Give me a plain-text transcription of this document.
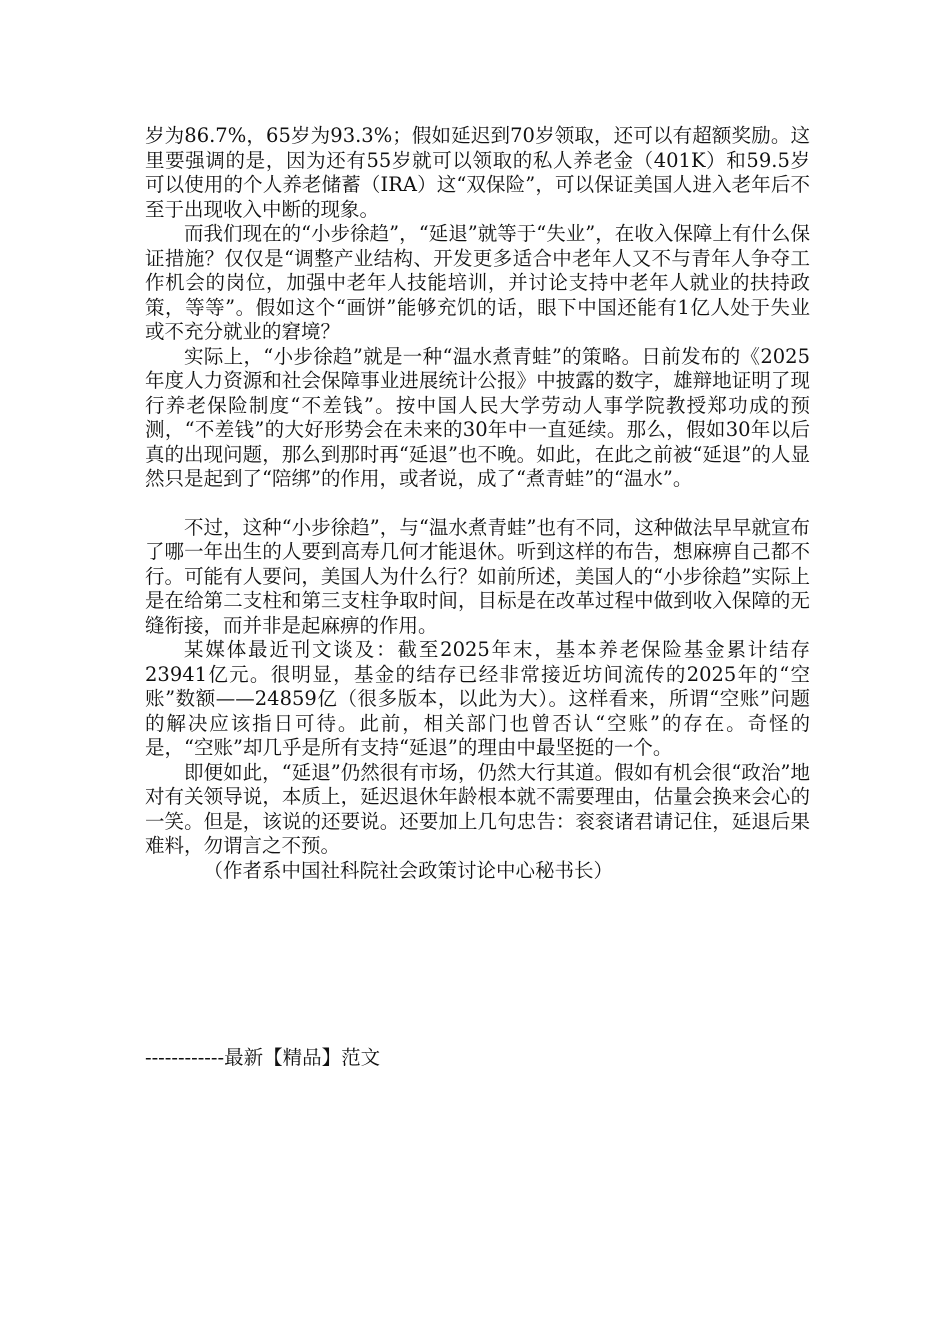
岁为86.7%，65岁为93.3%；假如延迟到70岁领取，还可以有超额奖励。这里要强调的是，因为还有55岁就可以领取的私人养老金（401K）和59.5岁可以使用的个人养老储蓄（IRA）这“双保险”，可以保证美国人进入老年后不至于出现收入中断的现象。

而我们现在的“小步徐趋”，“延退”就等于“失业”，在收入保障上有什么保证措施？仅仅是“调整产业结构、开发更多适合中老年人又不与青年人争夺工作机会的岗位，加强中老年人技能培训，并讨论支持中老年人就业的扶持政策，等等”。假如这个“画饼”能够充饥的话，眼下中国还能有1亿人处于失业或不充分就业的窘境？

实际上，“小步徐趋”就是一种“温水煮青蛙”的策略。日前发布的《2025年度人力资源和社会保障事业进展统计公报》中披露的数字，雄辩地证明了现行养老保险制度“不差钱”。按中国人民大学劳动人事学院教授郑功成的预测，“不差钱”的大好形势会在未来的30年中一直延续。那么，假如30年以后真的出现问题，那么到那时再“延退”也不晚。如此，在此之前被“延退”的人显然只是起到了“陪绑”的作用，或者说，成了“煮青蛙”的“温水”。

不过，这种“小步徐趋”，与“温水煮青蛙”也有不同，这种做法早早就宣布了哪一年出生的人要到高寿几何才能退休。听到这样的布告，想麻痹自己都不行。可能有人要问，美国人为什么行？如前所述，美国人的“小步徐趋”实际上是在给第二支柱和第三支柱争取时间，目标是在改革过程中做到收入保障的无缝衔接，而并非是起麻痹的作用。

某媒体最近刊文谈及：截至2025年末，基本养老保险基金累计结存23941亿元。很明显，基金的结存已经非常接近坊间流传的2025年的“空账”数额——24859亿（很多版本，以此为大）。这样看来，所谓“空账”问题的解决应该指日可待。此前，相关部门也曾否认“空账”的存在。奇怪的是，“空账”却几乎是所有支持“延退”的理由中最坚挺的一个。

即便如此，“延退”仍然很有市场，仍然大行其道。假如有机会很“政治”地对有关领导说，本质上，延迟退休年龄根本就不需要理由，估量会换来会心的一笑。但是，该说的还要说。还要加上几句忠告：衮衮诸君请记住，延退后果难料，勿谓言之不预。

（作者系中国社科院社会政策讨论中心秘书长）

------------最新【精品】范文
